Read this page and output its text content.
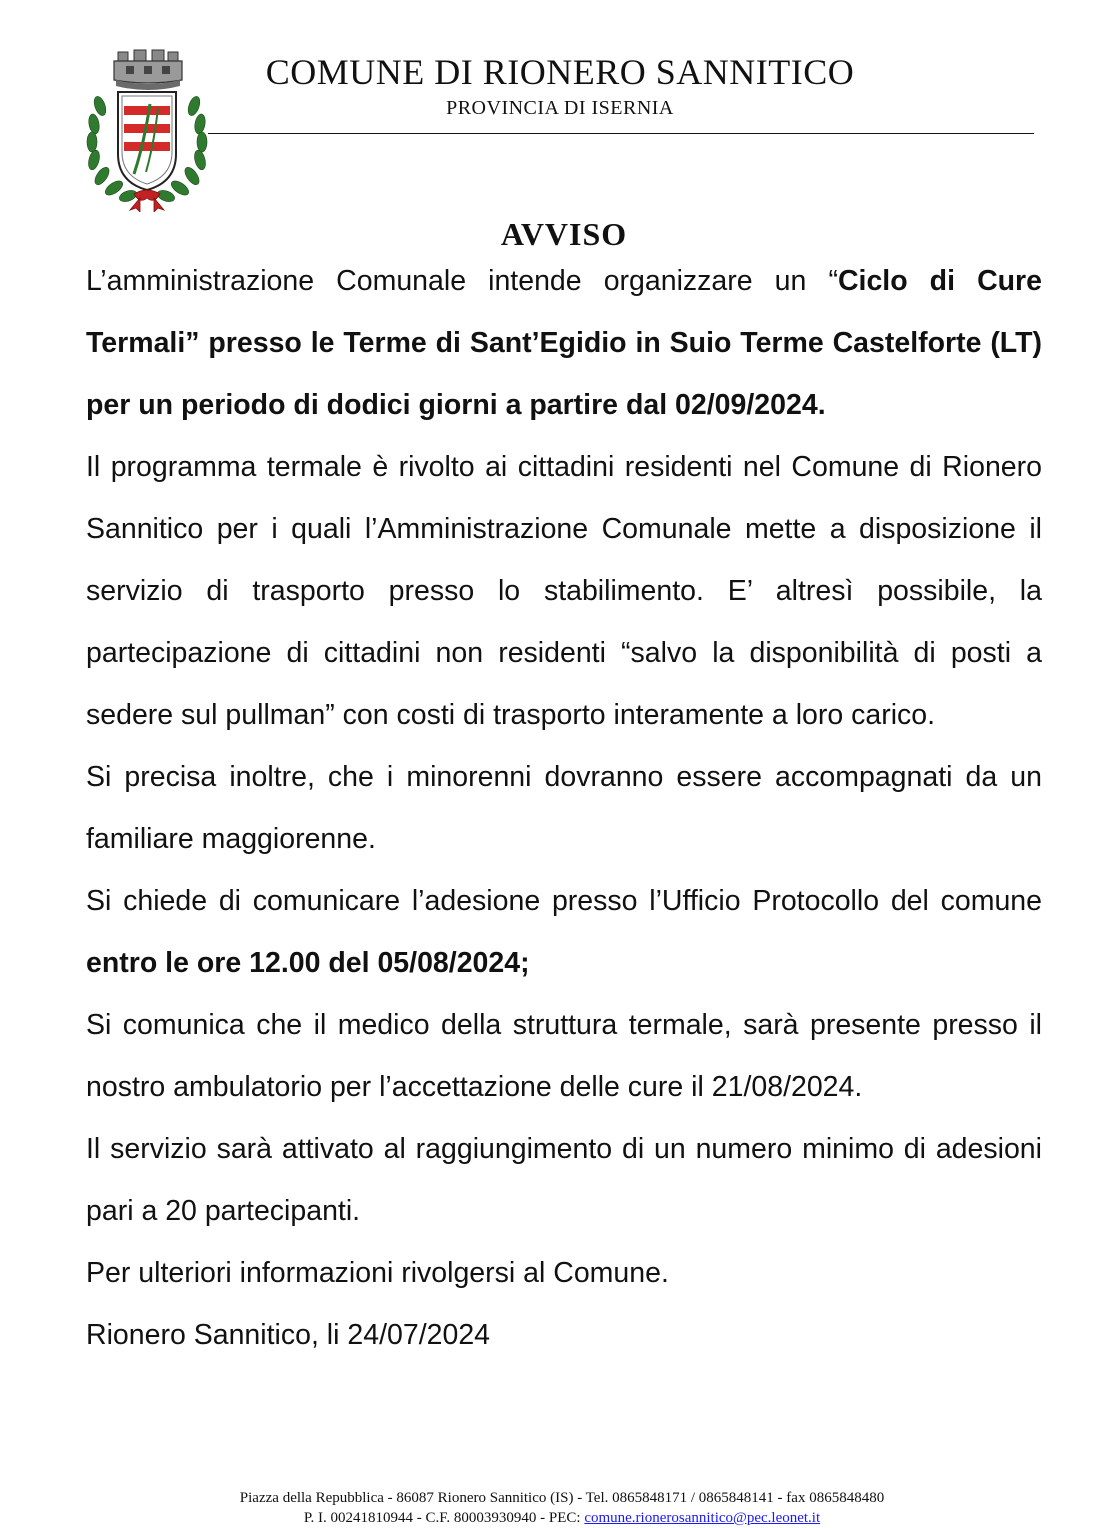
COMUNE DI RIONERO SANNITICO
PROVINCIA DI ISERNIA
AVVISO

L’amministrazione Comunale intende organizzare un “Ciclo di Cure Termali” presso le Terme di Sant’Egidio in Suio Terme Castelforte (LT) per un periodo di dodici giorni a partire dal 02/09/2024.

Il programma termale è rivolto ai cittadini residenti nel Comune di Rionero Sannitico per i quali l’Amministrazione Comunale mette a disposizione il servizio di trasporto presso lo stabilimento. E’ altresì possibile, la partecipazione di cittadini non residenti “salvo la disponibilità di posti a sedere sul pullman” con costi di trasporto interamente a loro carico.

Si precisa inoltre, che i minorenni dovranno essere accompagnati da un familiare maggiorenne.

Si chiede di comunicare l’adesione presso l’Ufficio Protocollo del comune entro le ore 12.00 del 05/08/2024;

Si comunica che il medico della struttura termale, sarà presente presso il nostro ambulatorio per l’accettazione delle cure il 21/08/2024.

Il servizio sarà attivato al raggiungimento di un numero minimo di adesioni pari a 20 partecipanti.

Per ulteriori informazioni rivolgersi al Comune.

Rionero Sannitico, li 24/07/2024

Piazza della Repubblica - 86087 Rionero Sannitico (IS) - Tel. 0865848171 / 0865848141 - fax 0865848480
P. I. 00241810944 - C.F. 80003930940 - PEC: comune.rionerosannitico@pec.leonet.it
